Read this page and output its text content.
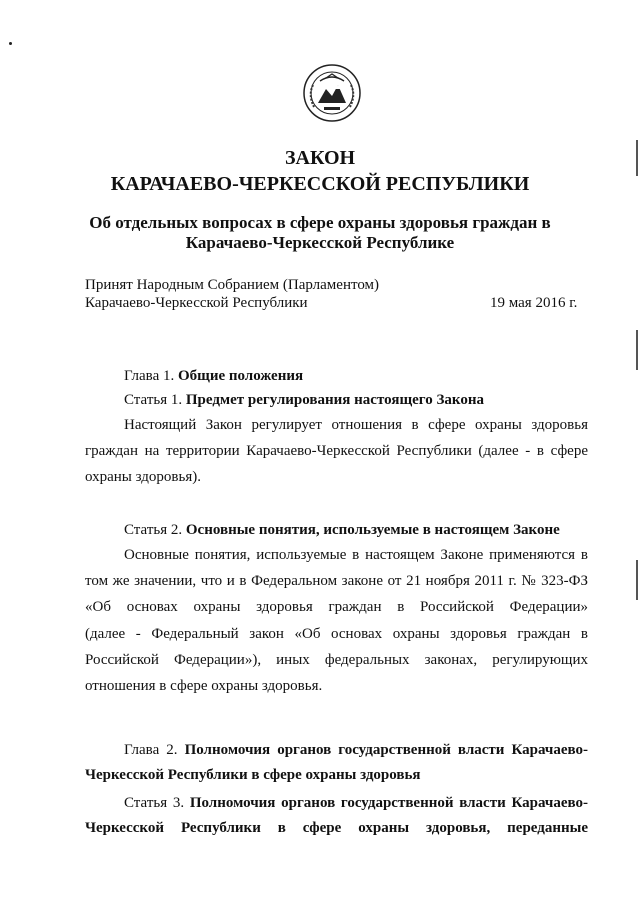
ЗАКОН
КАРАЧАЕВО-ЧЕРКЕССКОЙ РЕСПУБЛИКИ
Об отдельных вопросах в сфере охраны здоровья граждан в
Карачаево-Черкесской Республике
Принят Народным Собранием (Парламентом)
Карачаево-Черкесской Республики	19 мая 2016 г.
Глава 1. Общие положения
Статья 1. Предмет регулирования настоящего Закона
Настоящий Закон регулирует отношения в сфере охраны здоровья
граждан на территории Карачаево-Черкесской Республики (далее - в сфере
охраны здоровья).
Статья 2. Основные понятия, используемые в настоящем Законе
Основные понятия, используемые в настоящем Законе применяются в
том же значении, что и в Федеральном законе от 21 ноября 2011 г. № 323-ФЗ
«Об основах охраны здоровья граждан в Российской Федерации»
(далее - Федеральный закон «Об основах охраны здоровья граждан в
Российской Федерации»), иных федеральных законах, регулирующих
отношения в сфере охраны здоровья.
Глава 2. Полномочия органов государственной власти Карачаево-
Черкесской Республики в сфере охраны здоровья
Статья 3. Полномочия органов государственной власти Карачаево-
Черкесской Республики в сфере охраны здоровья, переданные
